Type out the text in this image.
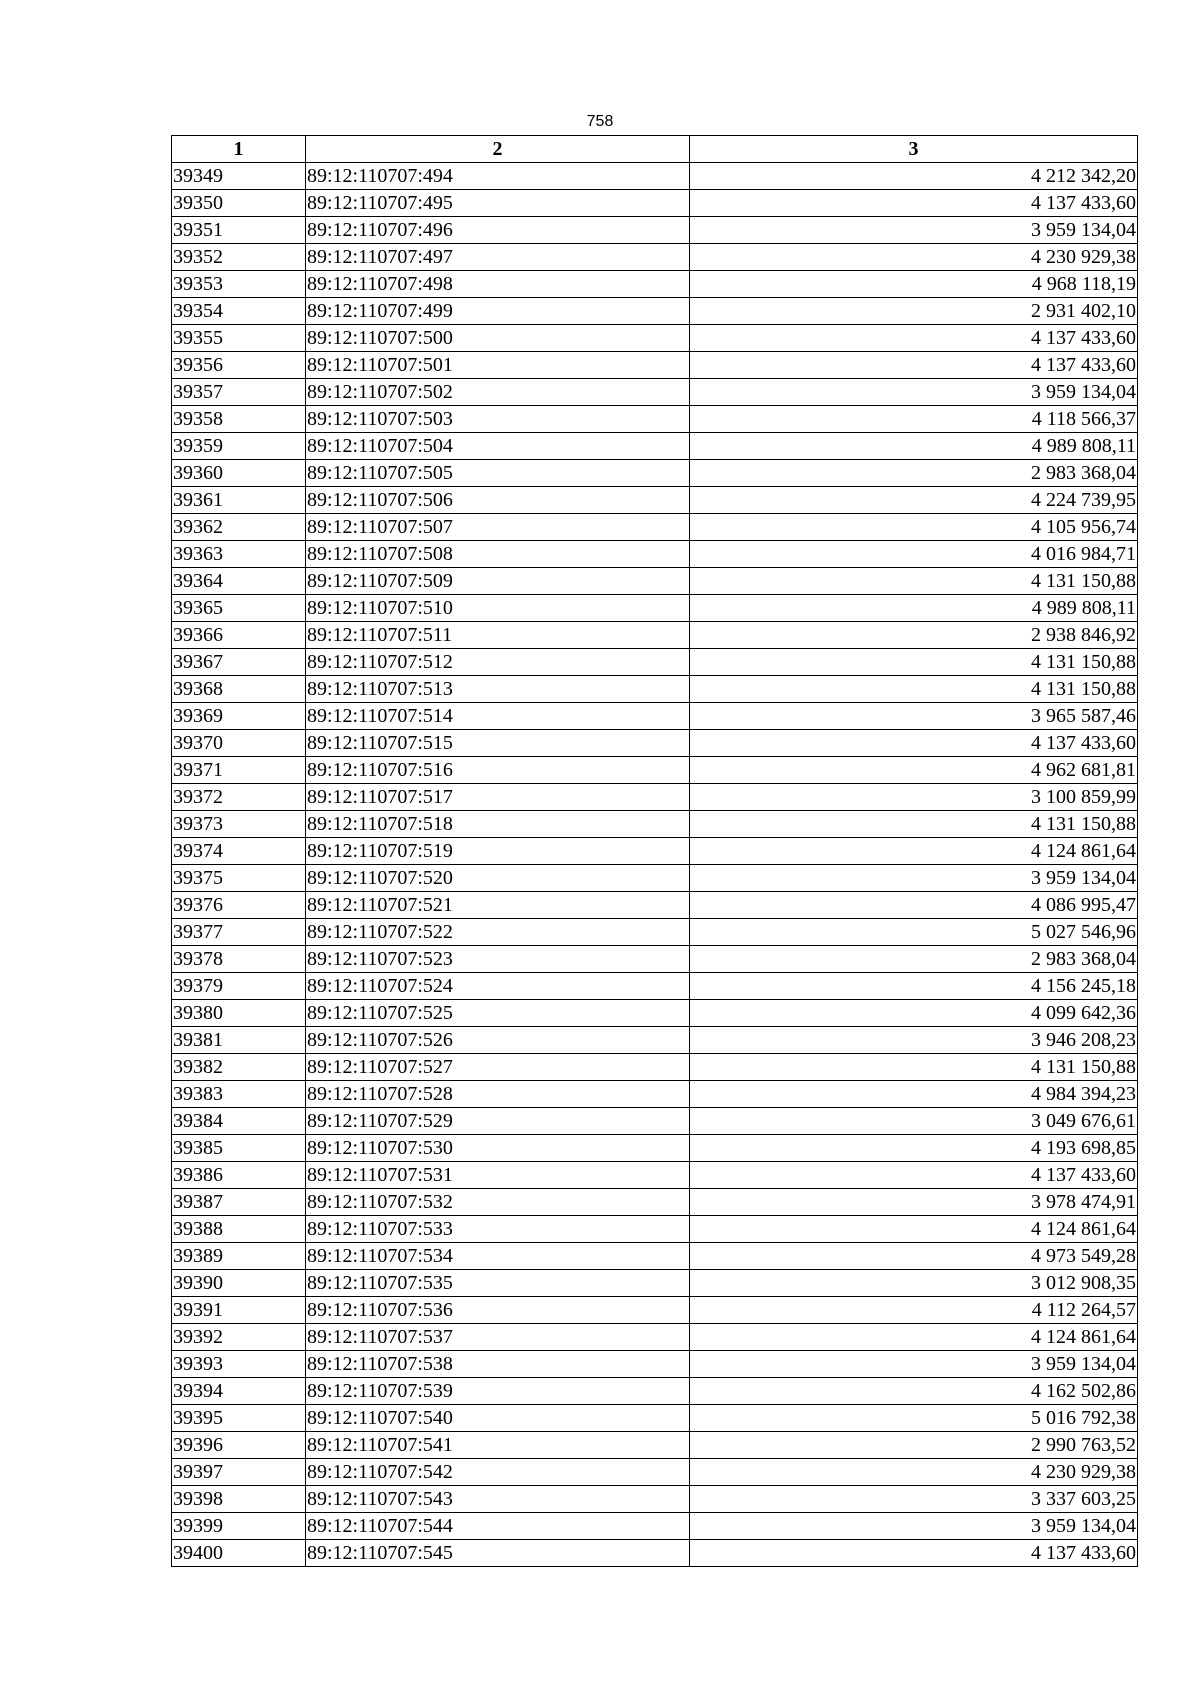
758
1	2	3
39349	89:12:110707:494	4 212 342,20
39350	89:12:110707:495	4 137 433,60
39351	89:12:110707:496	3 959 134,04
39352	89:12:110707:497	4 230 929,38
39353	89:12:110707:498	4 968 118,19
39354	89:12:110707:499	2 931 402,10
39355	89:12:110707:500	4 137 433,60
39356	89:12:110707:501	4 137 433,60
39357	89:12:110707:502	3 959 134,04
39358	89:12:110707:503	4 118 566,37
39359	89:12:110707:504	4 989 808,11
39360	89:12:110707:505	2 983 368,04
39361	89:12:110707:506	4 224 739,95
39362	89:12:110707:507	4 105 956,74
39363	89:12:110707:508	4 016 984,71
39364	89:12:110707:509	4 131 150,88
39365	89:12:110707:510	4 989 808,11
39366	89:12:110707:511	2 938 846,92
39367	89:12:110707:512	4 131 150,88
39368	89:12:110707:513	4 131 150,88
39369	89:12:110707:514	3 965 587,46
39370	89:12:110707:515	4 137 433,60
39371	89:12:110707:516	4 962 681,81
39372	89:12:110707:517	3 100 859,99
39373	89:12:110707:518	4 131 150,88
39374	89:12:110707:519	4 124 861,64
39375	89:12:110707:520	3 959 134,04
39376	89:12:110707:521	4 086 995,47
39377	89:12:110707:522	5 027 546,96
39378	89:12:110707:523	2 983 368,04
39379	89:12:110707:524	4 156 245,18
39380	89:12:110707:525	4 099 642,36
39381	89:12:110707:526	3 946 208,23
39382	89:12:110707:527	4 131 150,88
39383	89:12:110707:528	4 984 394,23
39384	89:12:110707:529	3 049 676,61
39385	89:12:110707:530	4 193 698,85
39386	89:12:110707:531	4 137 433,60
39387	89:12:110707:532	3 978 474,91
39388	89:12:110707:533	4 124 861,64
39389	89:12:110707:534	4 973 549,28
39390	89:12:110707:535	3 012 908,35
39391	89:12:110707:536	4 112 264,57
39392	89:12:110707:537	4 124 861,64
39393	89:12:110707:538	3 959 134,04
39394	89:12:110707:539	4 162 502,86
39395	89:12:110707:540	5 016 792,38
39396	89:12:110707:541	2 990 763,52
39397	89:12:110707:542	4 230 929,38
39398	89:12:110707:543	3 337 603,25
39399	89:12:110707:544	3 959 134,04
39400	89:12:110707:545	4 137 433,60
